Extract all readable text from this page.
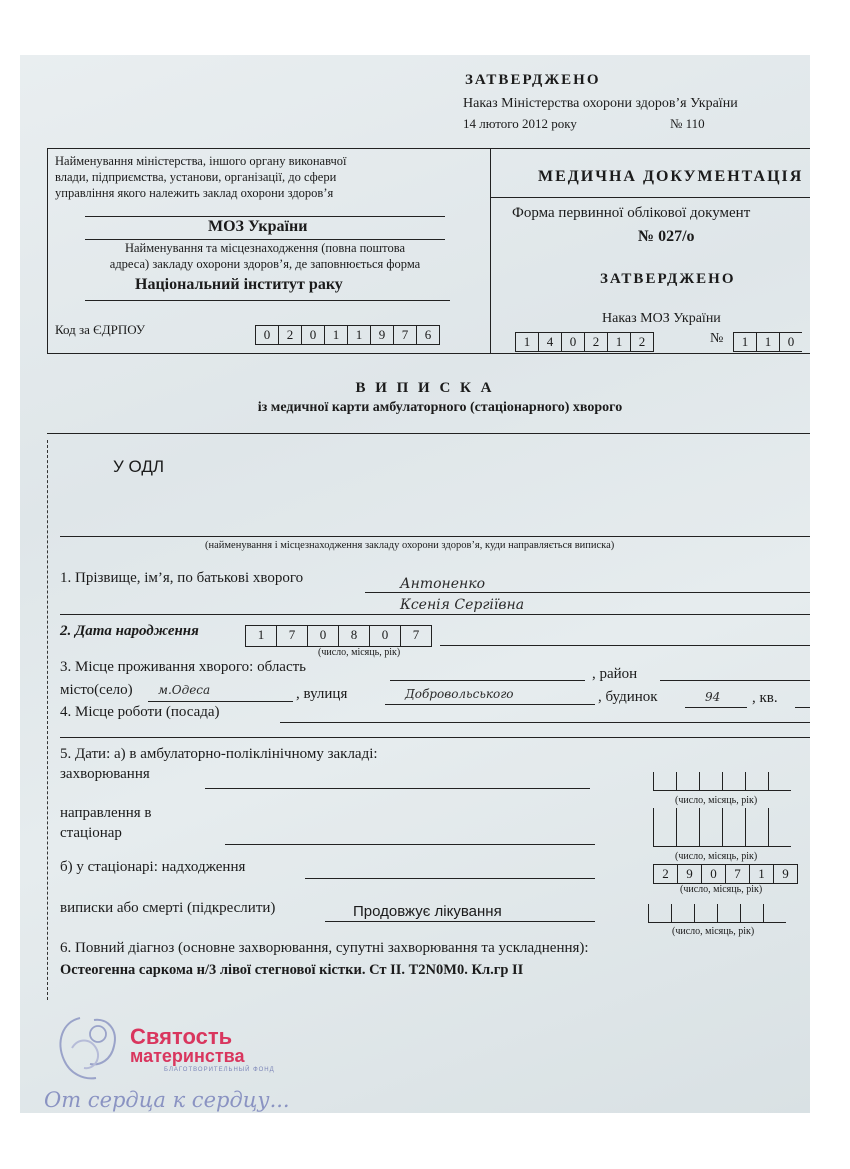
ЗАТВЕРДЖЕНО
Наказ Міністерства охорони здоров’я України
14 лютого 2012 року	№ 110
Найменування міністерства, іншого органу виконавчої
влади, підприємства, установи, організації, до сфери
управління якого належить заклад охорони здоров’я
МОЗ України
Найменування та місцезнаходження (повна поштова
адреса) закладу охорони здоров’я, де заповнюється форма
Національний інститут раку
Код за ЄДРПОУ	0	2	0	1	1	9	7	6
МЕДИЧНА ДОКУМЕНТАЦІЯ
Форма первинної облікової документ
№ 027/о
ЗАТВЕРДЖЕНО
Наказ МОЗ України
1	4	0	2	1	2	№	1	1	0
В И П И С К А
із медичної карти амбулаторного (стаціонарного) хворого
У ОДЛ
(найменування і місцезнаходження закладу охорони здоров’я, куди направляється виписка)
1. Прізвище, ім’я, по батькові хворого	Антоненко
Ксенія Сергіївна
2. Дата народження	1	7	0	8	0	7
(число, місяць, рік)
3. Місце проживання хворого: область	, район
місто(село) м.Одеса	, вулиця	Добровольського	, будинок	94 , кв.
4. Місце роботи (посада)
5. Дати: а) в амбулаторно-поліклінічному закладі:
захворювання
(число, місяць, рік)
направлення в
стаціонар
(число, місяць, рік)
б) у стаціонарі: надходження	2	9	0	7	1	9
(число, місяць, рік)
виписки або смерті (підкреслити)	Продовжує лікування
(число, місяць, рік)
6. Повний діагноз (основне захворювання, супутні захворювання та ускладнення):
Остеогенна саркома н/3 лівої стегнової кістки. Ст II. Т2N0М0. Кл.гр II
Святость
материнства
БЛАГОТВОРИТЕЛЬНЫЙ ФОНД
От сердца к сердцу...
